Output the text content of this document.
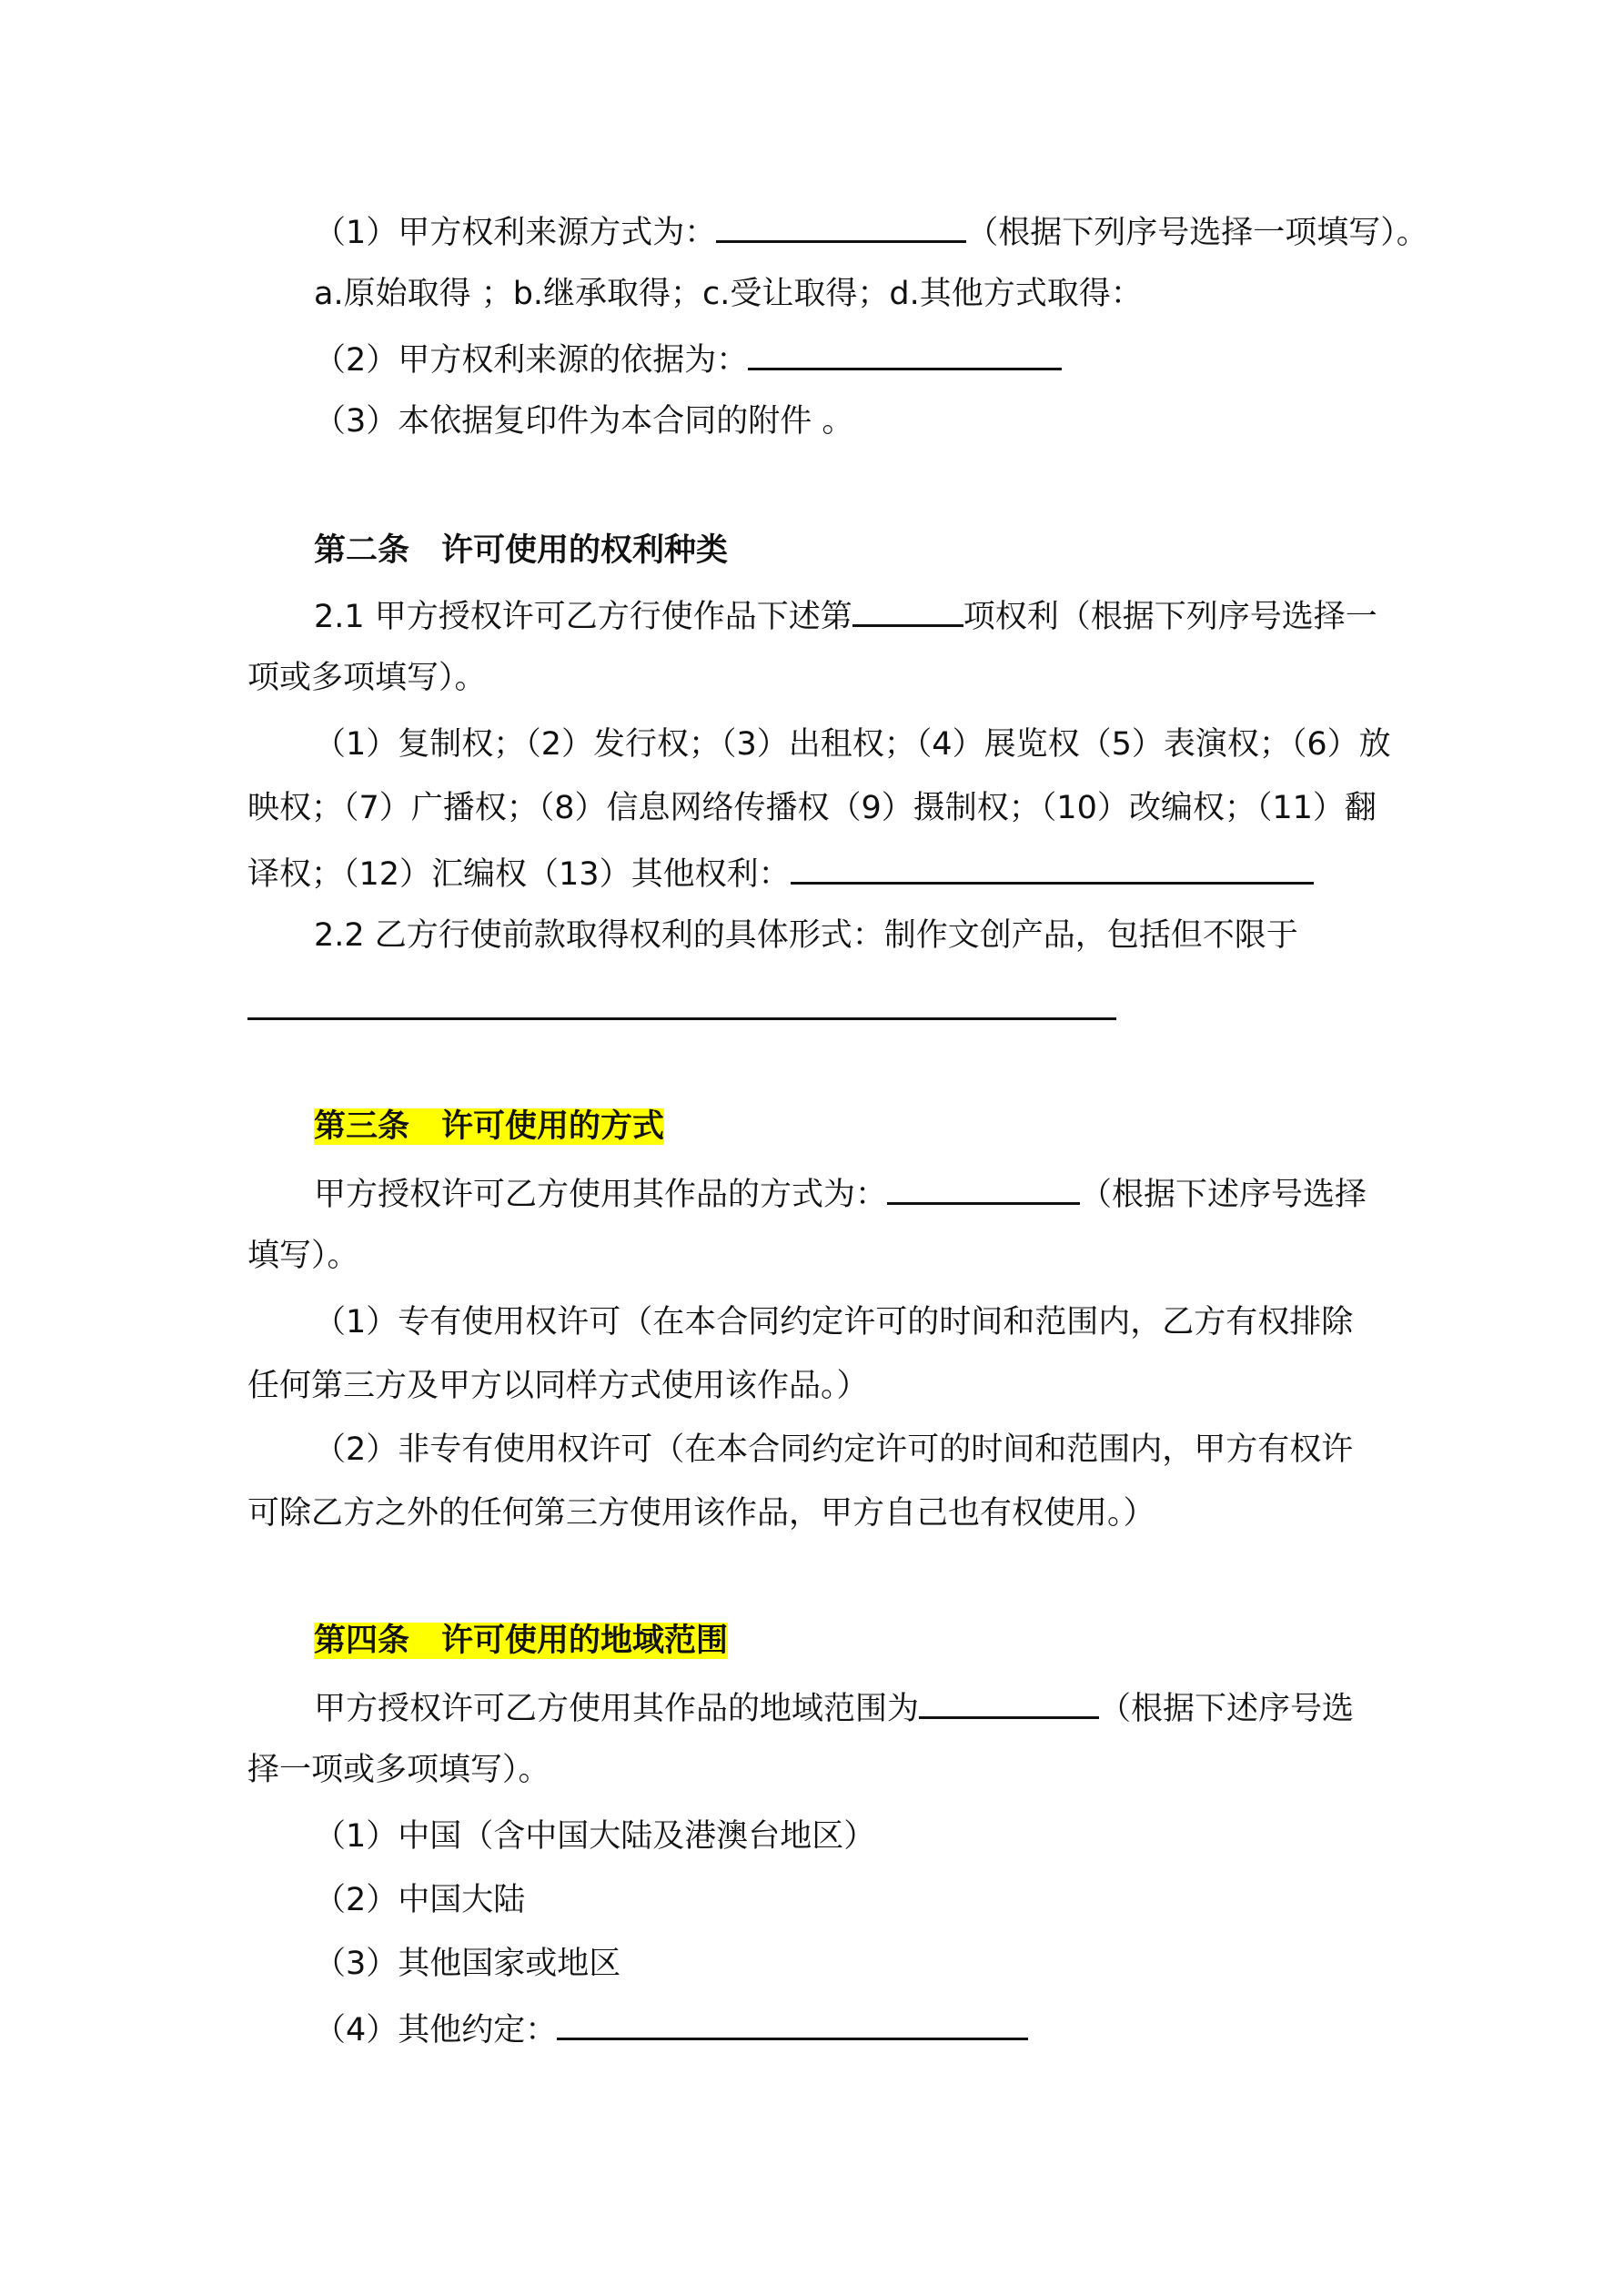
（1）甲方权利来源方式为：	（根据下列序号选择一项填写）。
a.原始取得 ；b.继承取得；c.受让取得；d.其他方式取得：
（2）甲方权利来源的依据为：
（3）本依据复印件为本合同的附件 。
第二条　许可使用的权利种类
2.1 甲方授权许可乙方行使作品下述第	项权利（根据下列序号选择一
项或多项填写）。
（1）复制权；（2）发行权；（3）出租权；（4）展览权（5）表演权；（6）放
映权；（7）广播权；（8）信息网络传播权（9）摄制权；（10）改编权；（11）翻
译权；（12）汇编权（13）其他权利：
2.2 乙方行使前款取得权利的具体形式：制作文创产品，包括但不限于
第三条　许可使用的方式
甲方授权许可乙方使用其作品的方式为：	（根据下述序号选择
填写）。
（1）专有使用权许可（在本合同约定许可的时间和范围内，乙方有权排除
任何第三方及甲方以同样方式使用该作品。）
（2）非专有使用权许可（在本合同约定许可的时间和范围内，甲方有权许
可除乙方之外的任何第三方使用该作品，甲方自己也有权使用。）
第四条　许可使用的地域范围
甲方授权许可乙方使用其作品的地域范围为	（根据下述序号选
择一项或多项填写）。
（1）中国（含中国大陆及港澳台地区）
（2）中国大陆
（3）其他国家或地区
（4）其他约定：
